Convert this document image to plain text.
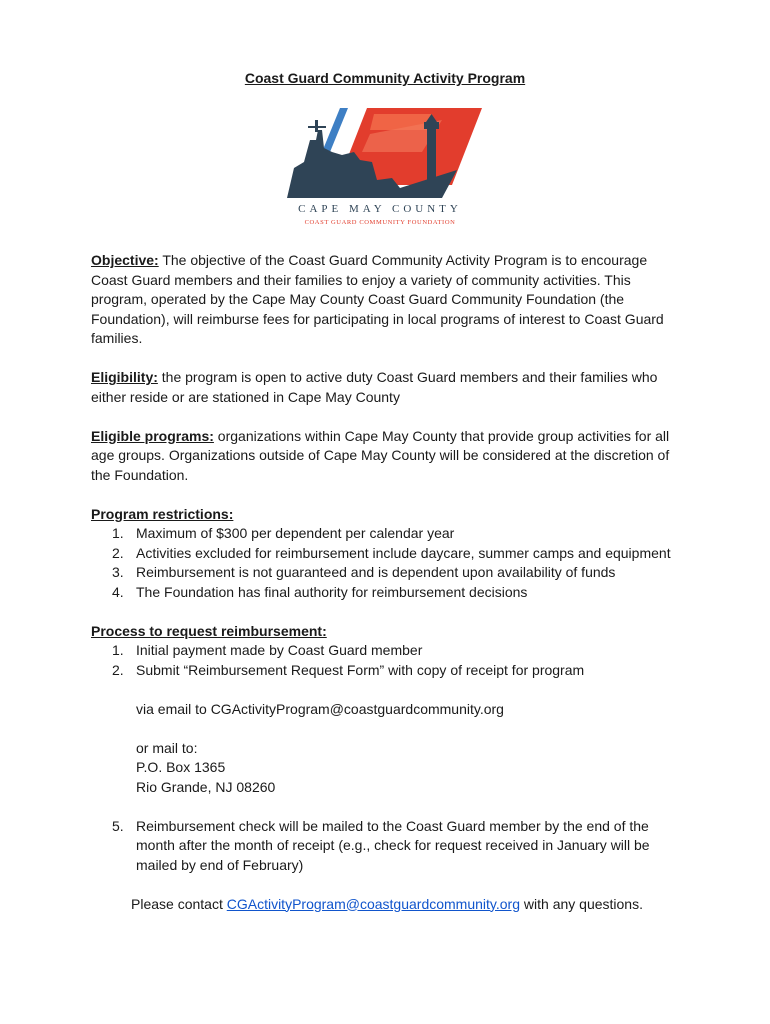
Coast Guard Community Activity Program
CAPE MAY COUNTY
COAST GUARD COMMUNITY FOUNDATION

Objective: The objective of the Coast Guard Community Activity Program is to encourage Coast Guard members and their families to enjoy a variety of community activities. This program, operated by the Cape May County Coast Guard Community Foundation (the Foundation), will reimburse fees for participating in local programs of interest to Coast Guard families.

Eligibility: the program is open to active duty Coast Guard members and their families who either reside or are stationed in Cape May County

Eligible programs: organizations within Cape May County that provide group activities for all age groups. Organizations outside of Cape May County will be considered at the discretion of the Foundation.

Program restrictions:
1. Maximum of $300 per dependent per calendar year
2. Activities excluded for reimbursement include daycare, summer camps and equipment
3. Reimbursement is not guaranteed and is dependent upon availability of funds
4. The Foundation has final authority for reimbursement decisions
Process to request reimbursement:
1. Initial payment made by Coast Guard member
2. Submit “Reimbursement Request Form” with copy of receipt for program
via email to CGActivityProgram@coastguardcommunity.org
or mail to:
P.O. Box 1365
Rio Grande, NJ 08260
5. Reimbursement check will be mailed to the Coast Guard member by the end of the month after the month of receipt (e.g., check for request received in January will be mailed by end of February)
Please contact CGActivityProgram@coastguardcommunity.org with any questions.
